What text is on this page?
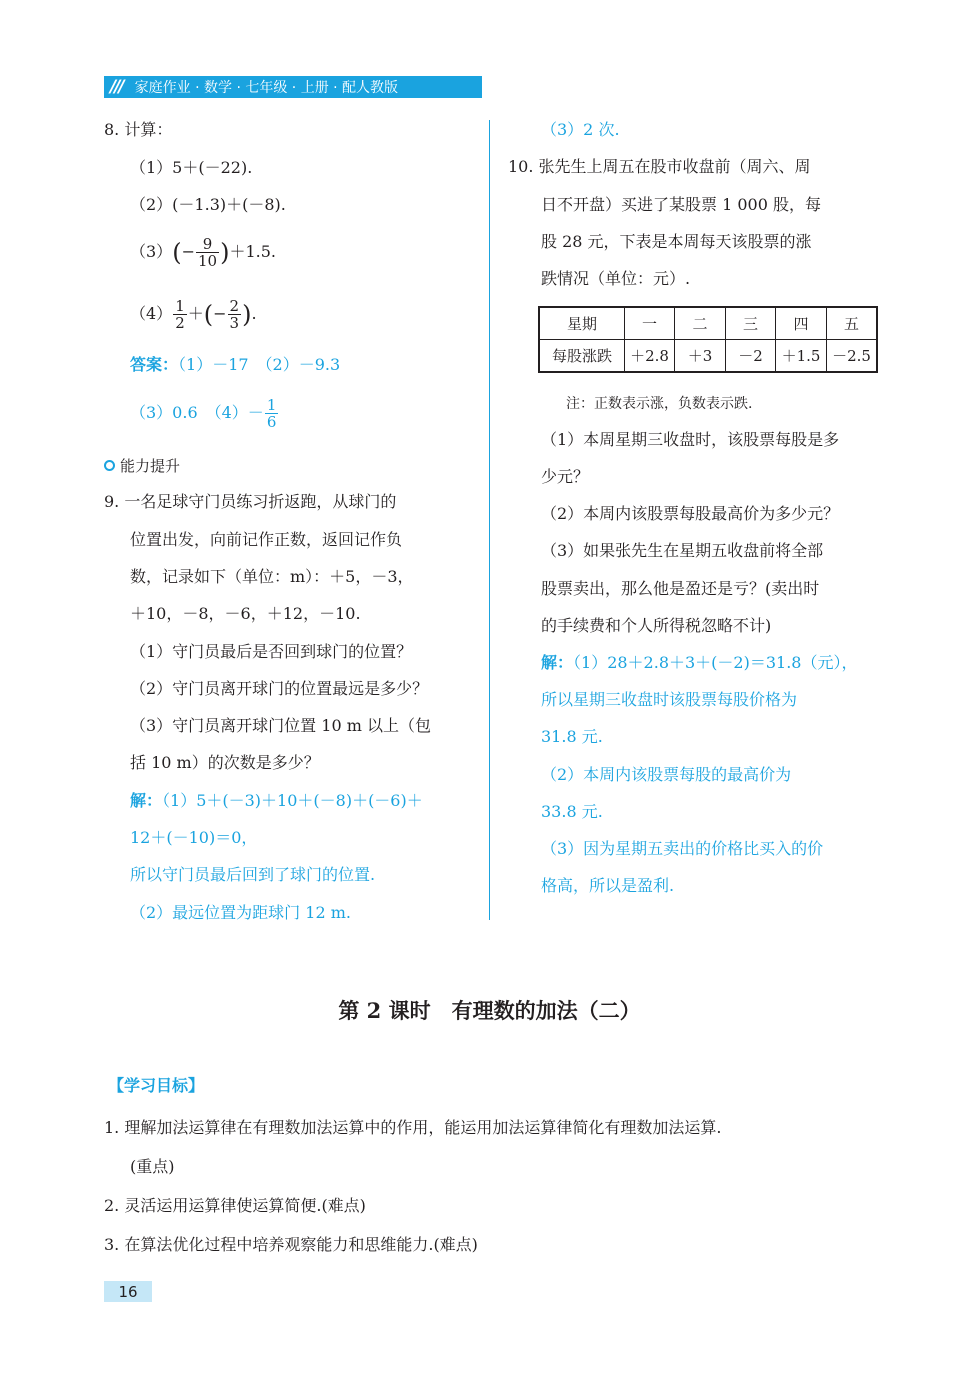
/// 家庭作业 · 数学 · 七年级 · 上册 · 配人教版
8. 计算：
（1）5＋(－22).
（2）(－1.3)＋(－8).
$(3)(- \frac{9}{10} )+1.5$.
$(4) \frac{1}{2}$ ＋(− $\frac{2}{3}$ ).
答案：（1）－17　（2）－9.3
（3）0.6　$(4)- \frac{1}{6}$
能力提升
9. 一名足球守门员练习折返跑，从球门的
位置出发，向前记作正数，返回记作负
数，记录如下（单位：m）：＋5，－3，
＋10，－8，－6，＋12，－10.
（1）守门员最后是否回到球门的位置？
（2）守门员离开球门的位置最远是多少？
（3）守门员离开球门位置 10 m 以上（包
括 10 m）的次数是多少？
解：（1）5＋(－3)＋10＋(－8)＋(－6)＋
12＋(－10)＝0，
所以守门员最后回到了球门的位置.
（2）最远位置为距球门 12 m.
（3）2 次.
10. 张先生上周五在股市收盘前（周六、周
日不开盘）买进了某股票 1 000 股，每
股 28 元，下表是本周每天该股票的涨
跌情况（单位：元）.
星期	一	二	三	四	五
每股涨跌	＋2.8	＋3	－2	＋1.5	－2.5
注：正数表示涨，负数表示跌.
（1）本周星期三收盘时，该股票每股是多
少元？
（2）本周内该股票每股最高价为多少元？
（3）如果张先生在星期五收盘前将全部
股票卖出，那么他是盈还是亏？(卖出时
的手续费和个人所得税忽略不计)
解：（1）28＋2.8＋3＋(－2)＝31.8（元），
所以星期三收盘时该股票每股价格为
31.8 元.
（2）本周内该股票每股的最高价为
33.8 元.
（3）因为星期五卖出的价格比买入的价
格高，所以是盈利.
第 2 课时　有理数的加法（二）
【学习目标】
1. 理解加法运算律在有理数加法运算中的作用，能运用加法运算律简化有理数加法运算.
(重点)
2. 灵活运用运算律使运算简便.(难点)
3. 在算法优化过程中培养观察能力和思维能力.(难点)
16
